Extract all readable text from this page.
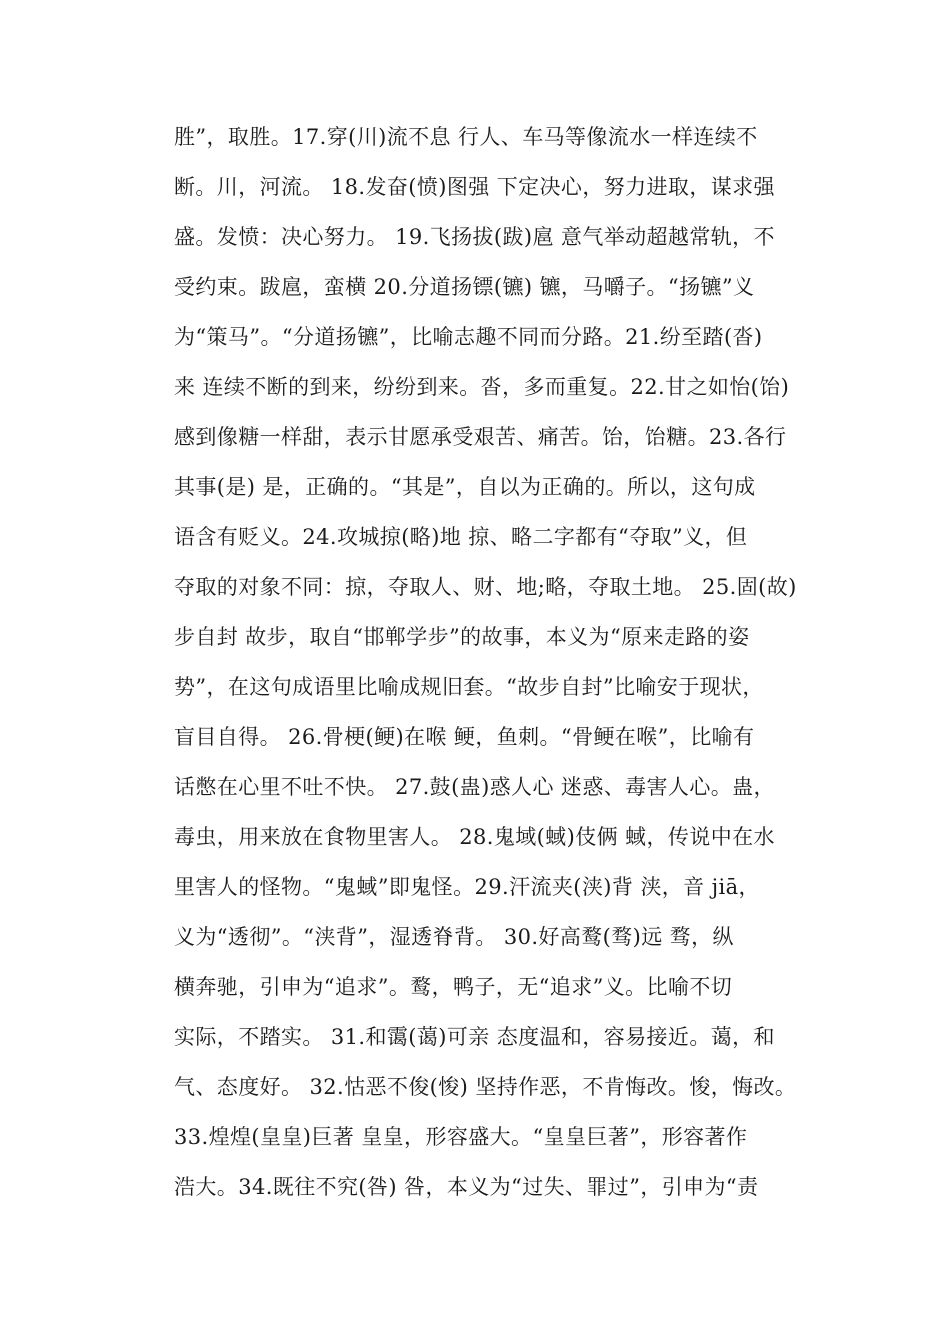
胜”，取胜。17.穿(川)流不息 行人、车马等像流水一样连续不
断。川，河流。 18.发奋(愤)图强 下定决心，努力进取，谋求强
盛。发愤：决心努力。 19.飞扬拔(跋)扈 意气举动超越常轨，不
受约束。跋扈，蛮横 20.分道扬镖(镳) 镳，马嚼子。“扬镳”义
为“策马”。“分道扬镳”，比喻志趣不同而分路。21.纷至踏(沓)
来 连续不断的到来，纷纷到来。沓，多而重复。22.甘之如怡(饴)
感到像糖一样甜，表示甘愿承受艰苦、痛苦。饴，饴糖。23.各行
其事(是) 是，正确的。“其是”，自以为正确的。所以，这句成
语含有贬义。24.攻城掠(略)地 掠、略二字都有“夺取”义，但
夺取的对象不同：掠，夺取人、财、地;略，夺取土地。 25.固(故)
步自封 故步，取自“邯郸学步”的故事，本义为“原来走路的姿
势”，在这句成语里比喻成规旧套。“故步自封”比喻安于现状，
盲目自得。 26.骨梗(鲠)在喉 鲠，鱼刺。“骨鲠在喉”，比喻有
话憋在心里不吐不快。 27.鼓(蛊)惑人心 迷惑、毒害人心。蛊，
毒虫，用来放在食物里害人。 28.鬼域(蜮)伎俩 蜮，传说中在水
里害人的怪物。“鬼蜮”即鬼怪。29.汗流夹(浃)背 浃，音 jiā，
义为“透彻”。“浃背”，湿透脊背。 30.好高鹜(骛)远 骛，纵
横奔驰，引申为“追求”。鹜，鸭子，无“追求”义。比喻不切
实际，不踏实。 31.和霭(蔼)可亲 态度温和，容易接近。蔼，和
气、态度好。 32.怙恶不俊(悛) 坚持作恶，不肯悔改。悛，悔改。
33.煌煌(皇皇)巨著 皇皇，形容盛大。“皇皇巨著”，形容著作
浩大。34.既往不究(咎) 咎，本义为“过失、罪过”，引申为“责
